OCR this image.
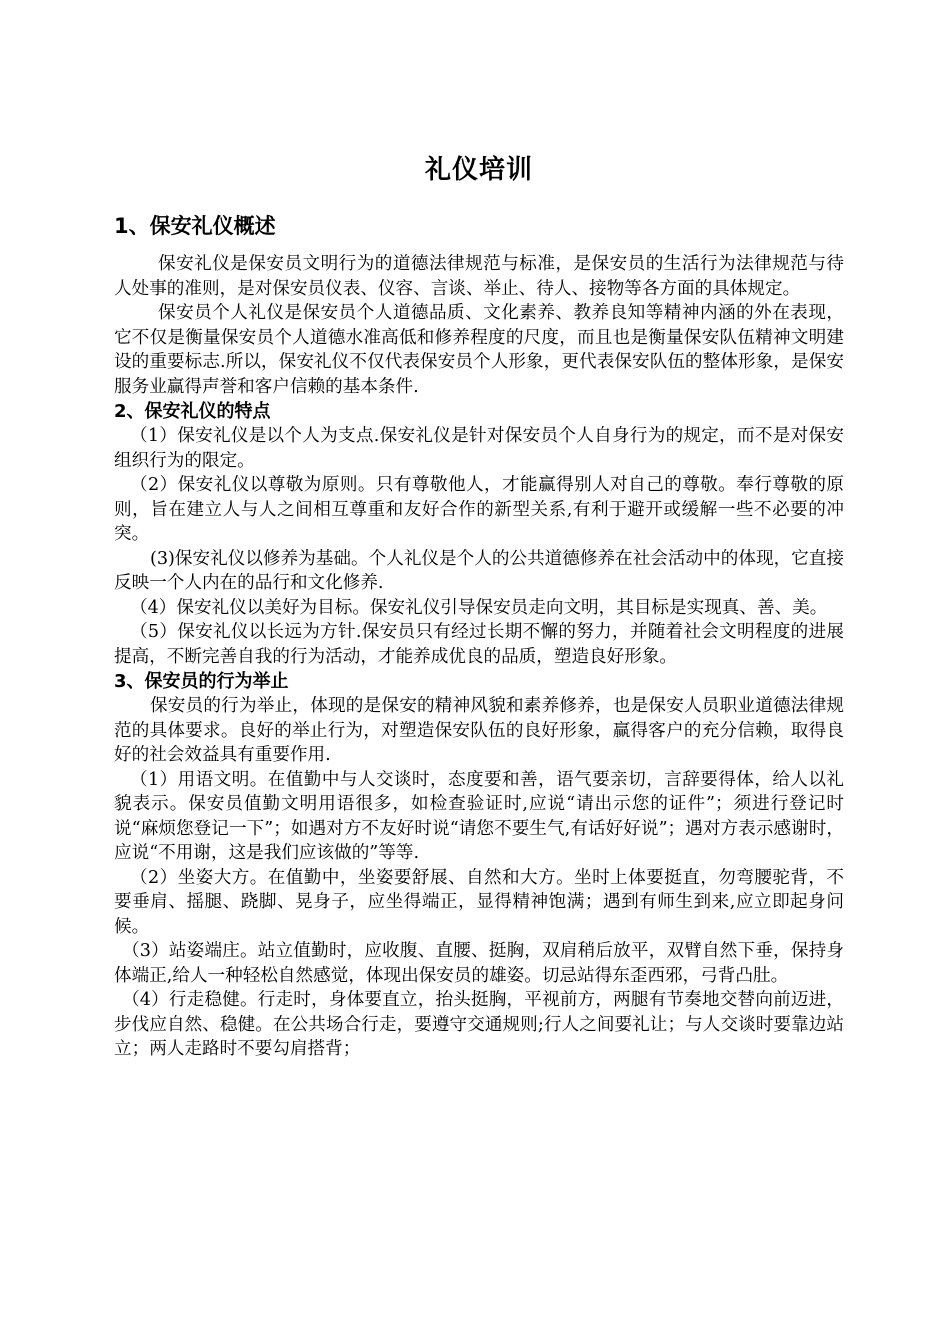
礼仪培训
1、保安礼仪概述

保安礼仪是保安员文明行为的道德法律规范与标准，是保安员的生活行为法律规范与待人处事的准则，是对保安员仪表、仪容、言谈、举止、待人、接物等各方面的具体规定。

保安员个人礼仪是保安员个人道德品质、文化素养、教养良知等精神内涵的外在表现，它不仅是衡量保安员个人道德水准高低和修养程度的尺度，而且也是衡量保安队伍精神文明建设的重要标志.所以，保安礼仪不仅代表保安员个人形象，更代表保安队伍的整体形象，是保安服务业赢得声誉和客户信赖的基本条件.

2、保安礼仪的特点

（1）保安礼仪是以个人为支点.保安礼仪是针对保安员个人自身行为的规定，而不是对保安组织行为的限定。

（2）保安礼仪以尊敬为原则。只有尊敬他人，才能赢得别人对自己的尊敬。奉行尊敬的原则，旨在建立人与人之间相互尊重和友好合作的新型关系,有利于避开或缓解一些不必要的冲突。

(3)保安礼仪以修养为基础。个人礼仪是个人的公共道德修养在社会活动中的体现，它直接反映一个人内在的品行和文化修养.

（4）保安礼仪以美好为目标。保安礼仪引导保安员走向文明，其目标是实现真、善、美。

（5）保安礼仪以长远为方针.保安员只有经过长期不懈的努力，并随着社会文明程度的进展提高，不断完善自我的行为活动，才能养成优良的品质，塑造良好形象。

3、保安员的行为举止

保安员的行为举止，体现的是保安的精神风貌和素养修养，也是保安人员职业道德法律规范的具体要求。良好的举止行为，对塑造保安队伍的良好形象，赢得客户的充分信赖，取得良好的社会效益具有重要作用.

（1）用语文明。在值勤中与人交谈时，态度要和善，语气要亲切，言辞要得体，给人以礼貌表示。保安员值勤文明用语很多，如检查验证时,应说“请出示您的证件”；须进行登记时说“麻烦您登记一下”；如遇对方不友好时说“请您不要生气,有话好好说”；遇对方表示感谢时，应说“不用谢，这是我们应该做的”等等.

（2）坐姿大方。在值勤中，坐姿要舒展、自然和大方。坐时上体要挺直，勿弯腰驼背，不要垂肩、摇腿、跷脚、晃身子，应坐得端正，显得精神饱满；遇到有师生到来,应立即起身问候。

（3）站姿端庄。站立值勤时，应收腹、直腰、挺胸，双肩稍后放平，双臂自然下垂，保持身体端正,给人一种轻松自然感觉，体现出保安员的雄姿。切忌站得东歪西邪，弓背凸肚。

（4）行走稳健。行走时，身体要直立，抬头挺胸，平视前方，两腿有节奏地交替向前迈进，步伐应自然、稳健。在公共场合行走，要遵守交通规则;行人之间要礼让；与人交谈时要靠边站立；两人走路时不要勾肩搭背；
